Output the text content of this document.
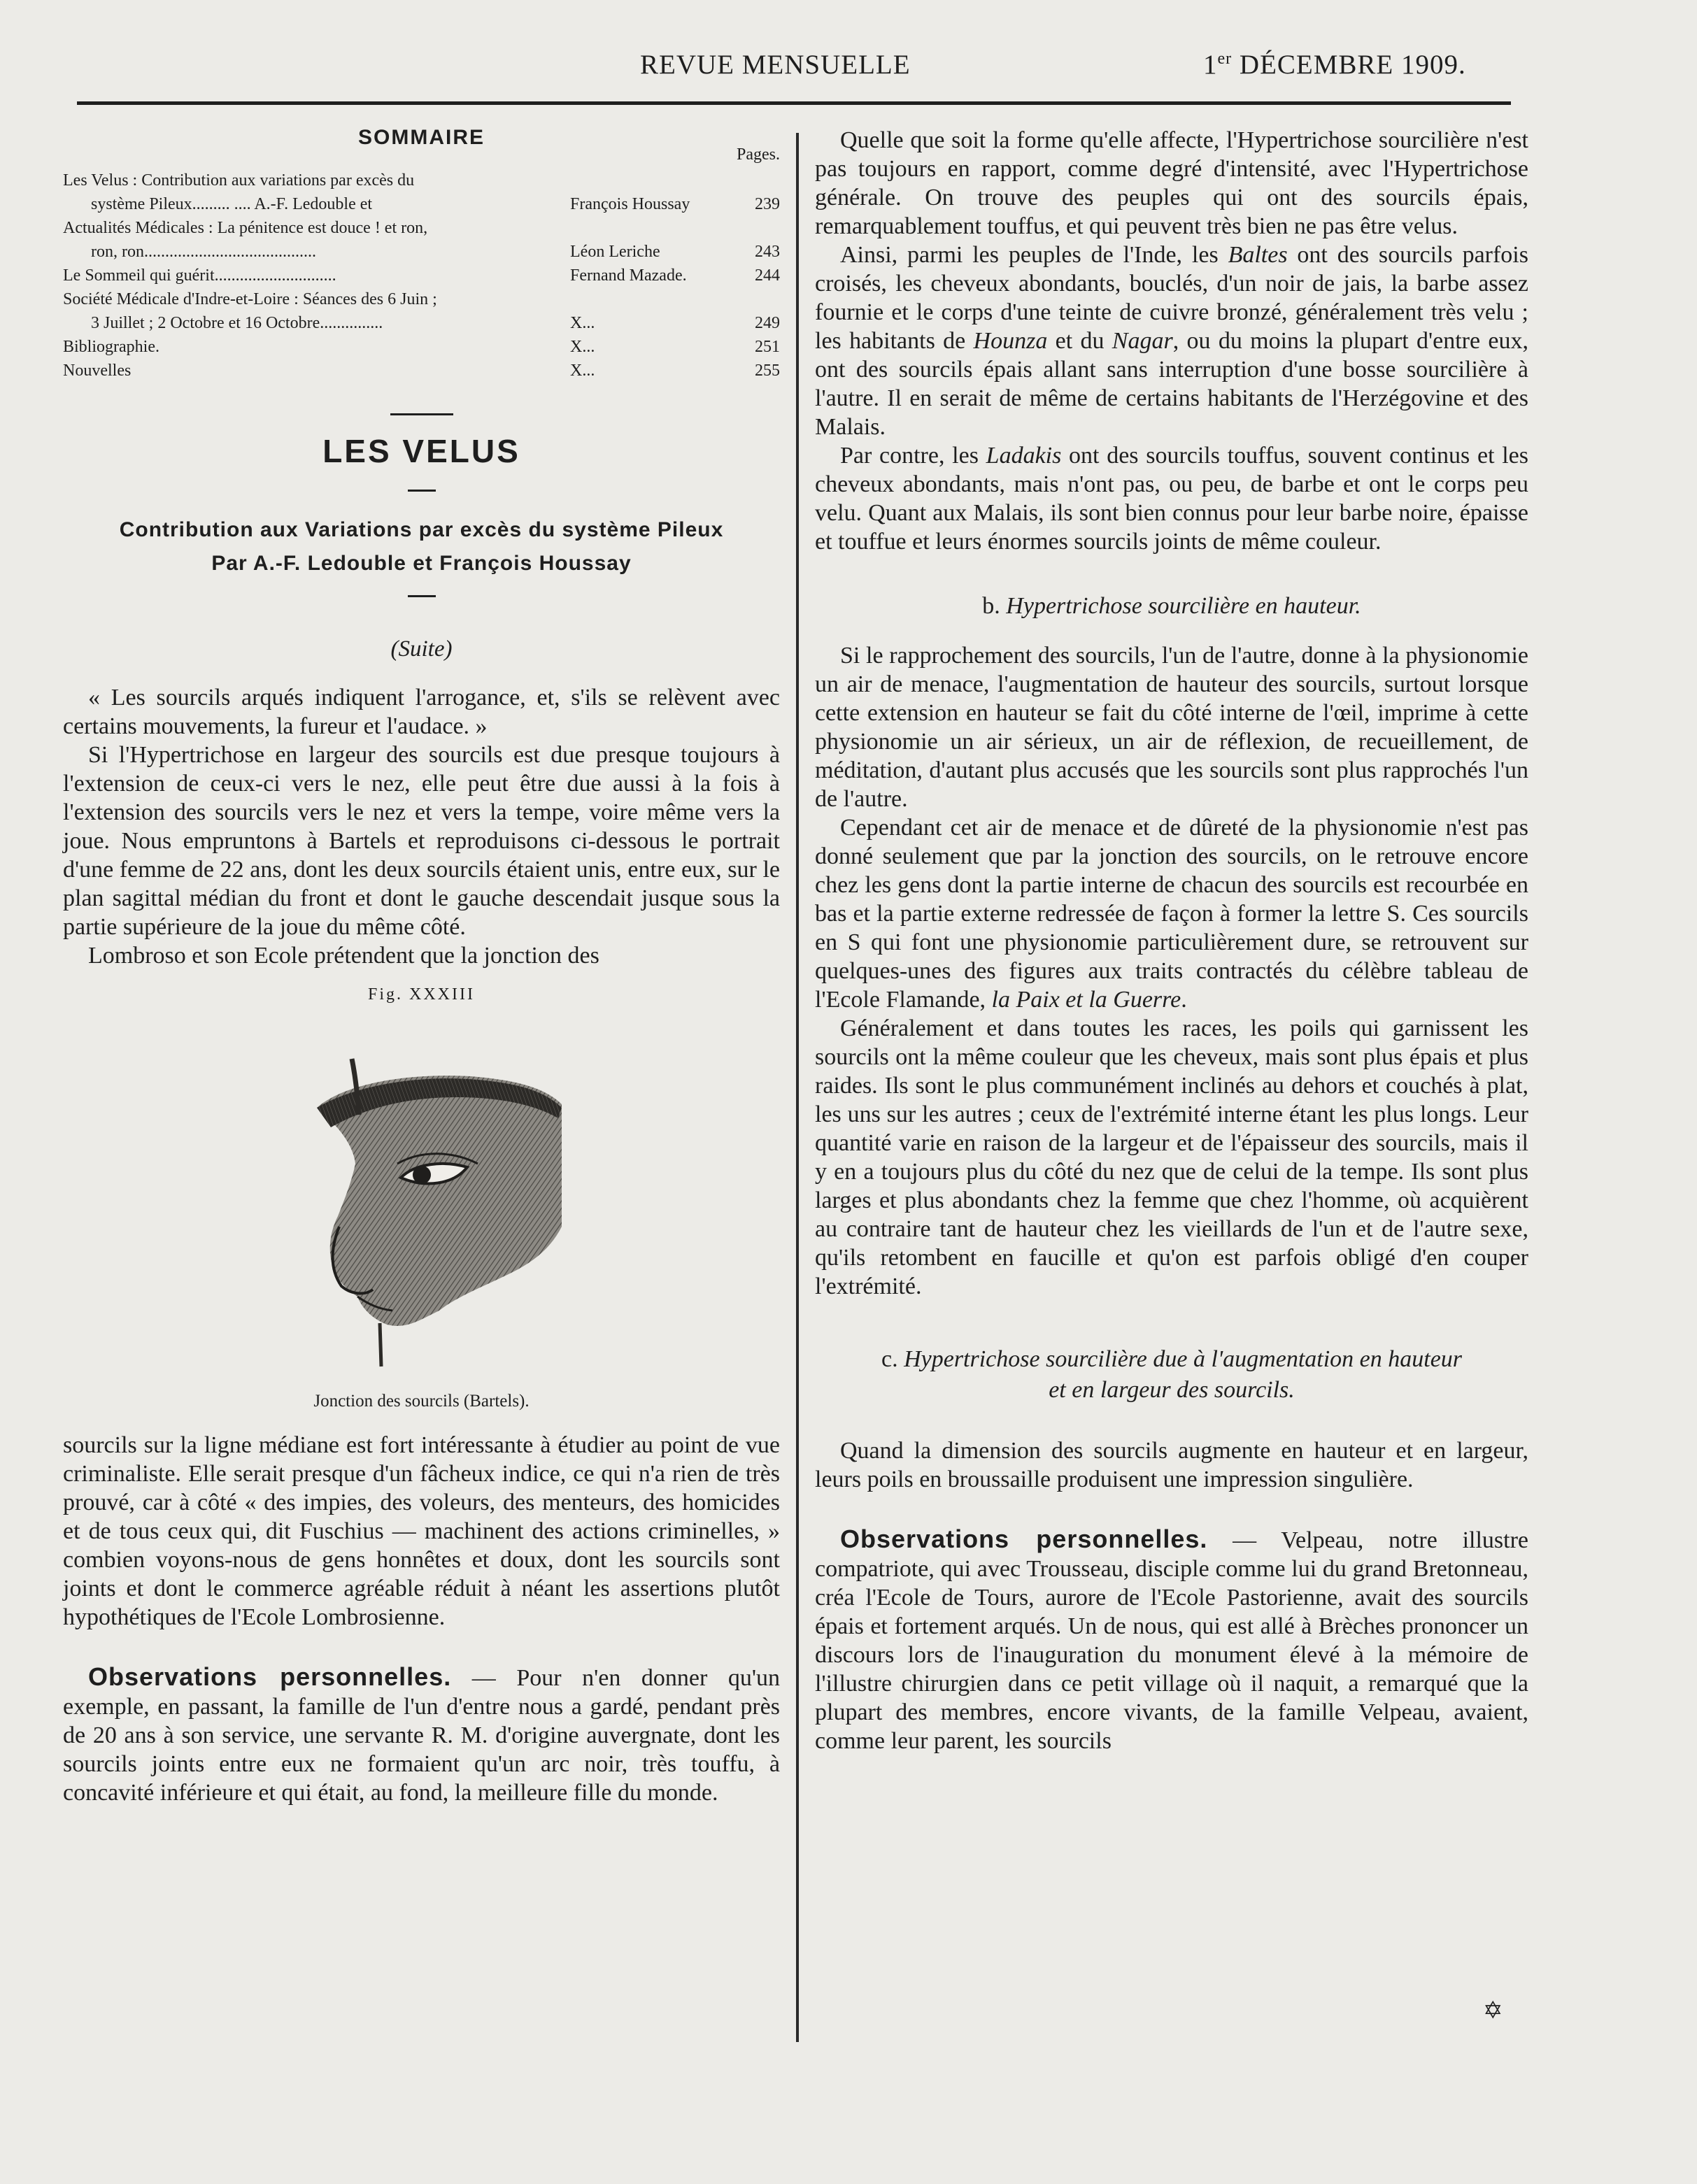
REVUE MENSUELLE	1er DÉCEMBRE 1909.
SOMMAIRE
Pages.
Les Velus : Contribution aux variations par excès du
système Pileux......... .... A.-F. Ledouble et	François Houssay	239
Actualités Médicales : La pénitence est douce ! et ron,
ron, ron.........................................	Léon Leriche	243
Le Sommeil qui guérit.............................	Fernand Mazade.	244
Société Médicale d'Indre-et-Loire : Séances des 6 Juin ;
3 Juillet ; 2 Octobre et 16 Octobre...............	X...	249
Bibliographie.	X...	251
Nouvelles	X...	255
LES VELUS
Contribution aux Variations par excès du système Pileux
Par A.-F. Ledouble et François Houssay
(Suite)

« Les sourcils arqués indiquent l'arrogance, et, s'ils se relèvent avec certains mouvements, la fureur et l'audace. »

Si l'Hypertrichose en largeur des sourcils est due presque toujours à l'extension de ceux-ci vers le nez, elle peut être due aussi à la fois à l'extension des sourcils vers le nez et vers la tempe, voire même vers la joue. Nous empruntons à Bartels et reproduisons ci-dessous le portrait d'une femme de 22 ans, dont les deux sourcils étaient unis, entre eux, sur le plan sagittal médian du front et dont le gauche descendait jusque sous la partie supérieure de la joue du même côté.

Lombroso et son Ecole prétendent que la jonction des

Fig. XXXIII
Jonction des sourcils (Bartels).

sourcils sur la ligne médiane est fort intéressante à étudier au point de vue criminaliste. Elle serait presque d'un fâcheux indice, ce qui n'a rien de très prouvé, car à côté « des impies, des voleurs, des menteurs, des homicides et de tous ceux qui, dit Fuschius — machinent des actions criminelles, » combien voyons-nous de gens honnêtes et doux, dont les sourcils sont joints et dont le commerce agréable réduit à néant les assertions plutôt hypothétiques de l'Ecole Lombrosienne.

Observations personnelles. — Pour n'en donner qu'un exemple, en passant, la famille de l'un d'entre nous a gardé, pendant près de 20 ans à son service, une servante R. M. d'origine auvergnate, dont les sourcils joints entre eux ne formaient qu'un arc noir, très touffu, à concavité inférieure et qui était, au fond, la meilleure fille du monde.

Quelle que soit la forme qu'elle affecte, l'Hypertrichose sourcilière n'est pas toujours en rapport, comme degré d'intensité, avec l'Hypertrichose générale. On trouve des peuples qui ont des sourcils épais, remarquablement touffus, et qui peuvent très bien ne pas être velus.

Ainsi, parmi les peuples de l'Inde, les Baltes ont des sourcils parfois croisés, les cheveux abondants, bouclés, d'un noir de jais, la barbe assez fournie et le corps d'une teinte de cuivre bronzé, généralement très velu ; les habitants de Hounza et du Nagar, ou du moins la plupart d'entre eux, ont des sourcils épais allant sans interruption d'une bosse sourcilière à l'autre. Il en serait de même de certains habitants de l'Herzégovine et des Malais.

Par contre, les Ladakis ont des sourcils touffus, souvent continus et les cheveux abondants, mais n'ont pas, ou peu, de barbe et ont le corps peu velu. Quant aux Malais, ils sont bien connus pour leur barbe noire, épaisse et touffue et leurs énormes sourcils joints de même couleur.

b. Hypertrichose sourcilière en hauteur.

Si le rapprochement des sourcils, l'un de l'autre, donne à la physionomie un air de menace, l'augmentation de hauteur des sourcils, surtout lorsque cette extension en hauteur se fait du côté interne de l'œil, imprime à cette physionomie un air sérieux, un air de réflexion, de recueillement, de méditation, d'autant plus accusés que les sourcils sont plus rapprochés l'un de l'autre.

Cependant cet air de menace et de dûreté de la physionomie n'est pas donné seulement que par la jonction des sourcils, on le retrouve encore chez les gens dont la partie interne de chacun des sourcils est recourbée en bas et la partie externe redressée de façon à former la lettre S. Ces sourcils en S qui font une physionomie particulièrement dure, se retrouvent sur quelques-unes des figures aux traits contractés du célèbre tableau de l'Ecole Flamande, la Paix et la Guerre.

Généralement et dans toutes les races, les poils qui garnissent les sourcils ont la même couleur que les cheveux, mais sont plus épais et plus raides. Ils sont le plus communément inclinés au dehors et couchés à plat, les uns sur les autres ; ceux de l'extrémité interne étant les plus longs. Leur quantité varie en raison de la largeur et de l'épaisseur des sourcils, mais il y en a toujours plus du côté du nez que de celui de la tempe. Ils sont plus larges et plus abondants chez la femme que chez l'homme, où acquièrent au contraire tant de hauteur chez les vieillards de l'un et de l'autre sexe, qu'ils retombent en faucille et qu'on est parfois obligé d'en couper l'extrémité.

c. Hypertrichose sourcilière due à l'augmentation en hauteur
et en largeur des sourcils.

Quand la dimension des sourcils augmente en hauteur et en largeur, leurs poils en broussaille produisent une impression singulière.

Observations personnelles. — Velpeau, notre illustre compatriote, qui avec Trousseau, disciple comme lui du grand Bretonneau, créa l'Ecole de Tours, aurore de l'Ecole Pastorienne, avait des sourcils épais et fortement arqués. Un de nous, qui est allé à Brèches prononcer un discours lors de l'inauguration du monument élevé à la mémoire de l'illustre chirurgien dans ce petit village où il naquit, a remarqué que la plupart des membres, encore vivants, de la famille Velpeau, avaient, comme leur parent, les sourcils

✡
